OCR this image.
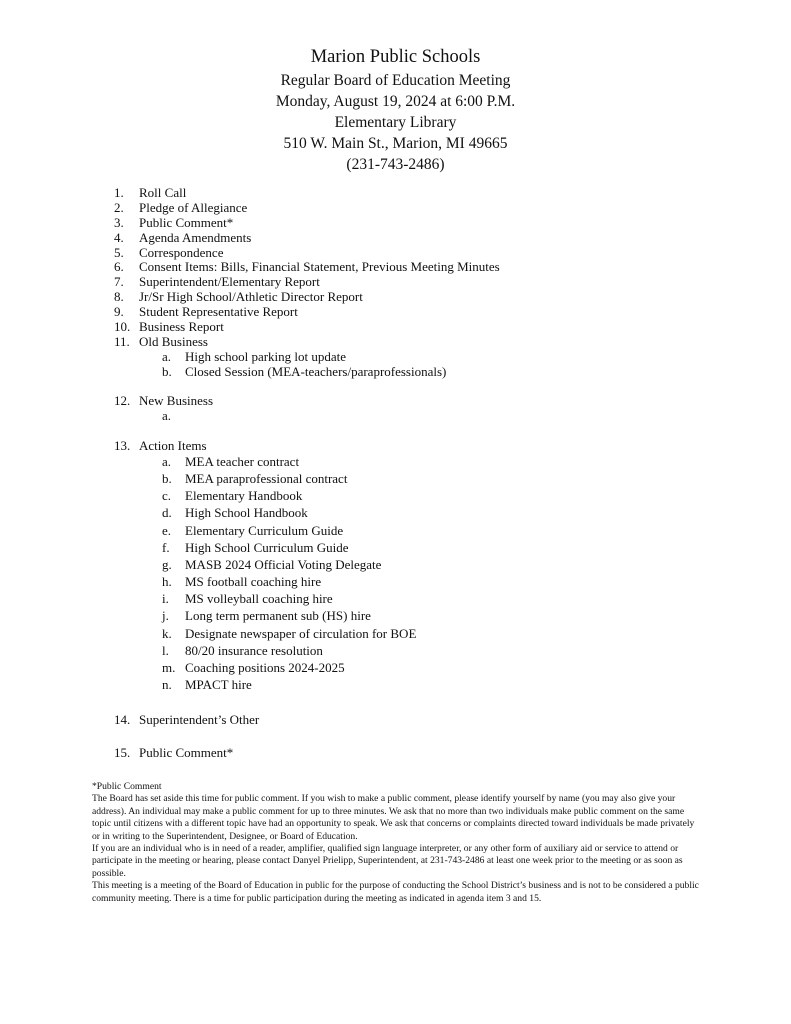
Marion Public Schools
Regular Board of Education Meeting
Monday, August 19, 2024 at 6:00 P.M.
Elementary Library
510 W. Main St., Marion, MI 49665
(231-743-2486)
1.	Roll Call
2.	Pledge of Allegiance
3.	Public Comment*
4.	Agenda Amendments
5.	Correspondence
6.	Consent Items: Bills, Financial Statement, Previous Meeting Minutes
7.	Superintendent/Elementary Report
8.	Jr/Sr High School/Athletic Director Report
9.	Student Representative Report
10. Business Report
11. Old Business
a. High school parking lot update
b. Closed Session (MEA-teachers/paraprofessionals)
12. New Business
a.
13. Action Items
a. MEA teacher contract
b. MEA paraprofessional contract
c. Elementary Handbook
d. High School Handbook
e. Elementary Curriculum Guide
f. High School Curriculum Guide
g. MASB 2024 Official Voting Delegate
h. MS football coaching hire
i. MS volleyball coaching hire
j. Long term permanent sub (HS) hire
k. Designate newspaper of circulation for BOE
l. 80/20 insurance resolution
m. Coaching positions 2024-2025
n. MPACT hire
14. Superintendent’s Other
15. Public Comment*

*Public Comment

The Board has set aside this time for public comment. If you wish to make a public comment, please identify yourself by name (you may also give your address). An individual may make a public comment for up to three minutes. We ask that no more than two individuals make public comment on the same topic until citizens with a different topic have had an opportunity to speak. We ask that concerns or complaints directed toward individuals be made privately or in writing to the Superintendent, Designee, or Board of Education.

If you are an individual who is in need of a reader, amplifier, qualified sign language interpreter, or any other form of auxiliary aid or service to attend or participate in the meeting or hearing, please contact Danyel Prielipp, Superintendent, at 231-743-2486 at least one week prior to the meeting or as soon as possible.

This meeting is a meeting of the Board of Education in public for the purpose of conducting the School District’s business and is not to be considered a public community meeting. There is a time for public participation during the meeting as indicated in agenda item 3 and 15.
